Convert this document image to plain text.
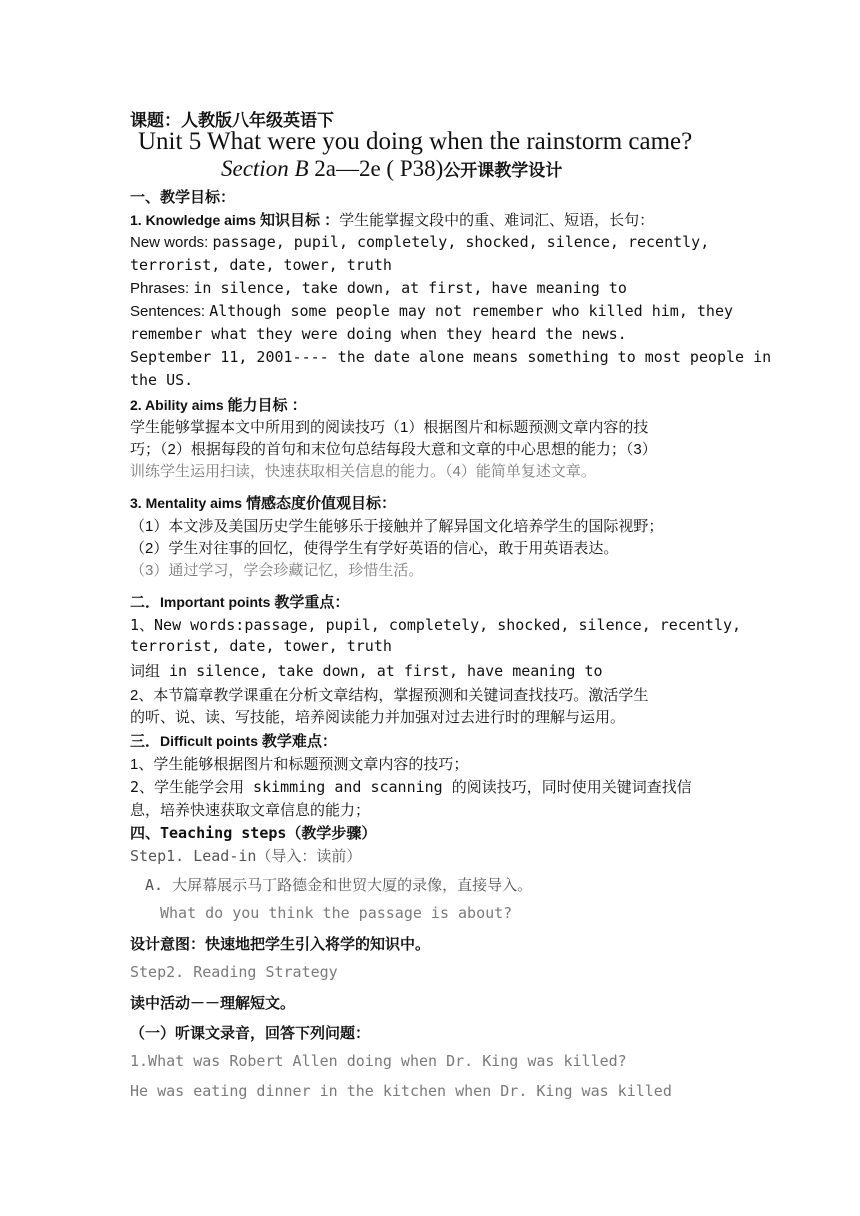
课题：人教版八年级英语下
Unit 5 What were you doing when the rainstorm came?
Section B 2a—2e ( P38)公开课教学设计
一、教学目标：
1. Knowledge aims 知识目标 ：学生能掌握文段中的重、难词汇、短语，长句：
New words: passage, pupil, completely, shocked, silence, recently,
terrorist, date, tower, truth
Phrases: in silence, take down, at first, have meaning to
Sentences: Although some people may not remember who killed him, they
remember what they were doing when they heard the news.
September 11, 2001---- the date alone means something to most people in
the US.
2. Ability aims 能力目标 ：
学生能够掌握本文中所用到的阅读技巧（1）根据图片和标题预测文章内容的技
巧；（2）根据每段的首句和末位句总结每段大意和文章的中心思想的能力；（3）
训练学生运用扫读，快速获取相关信息的能力。（4）能简单复述文章。
3. Mentality aims 情感态度价值观目标：
（1）本文涉及美国历史学生能够乐于接触并了解异国文化培养学生的国际视野；
（2）学生对往事的回忆，使得学生有学好英语的信心，敢于用英语表达。
（3）通过学习，学会珍藏记忆，珍惜生活。
二．Important points 教学重点：
1、New words:passage, pupil, completely, shocked, silence, recently,
terrorist, date, tower, truth
词组 in silence, take down, at first, have meaning to
2、本节篇章教学课重在分析文章结构，掌握预测和关键词查找技巧。激活学生
的听、说、读、写技能，培养阅读能力并加强对过去进行时的理解与运用。
三．Difficult points 教学难点：
1、学生能够根据图片和标题预测文章内容的技巧；
2、学生能学会用 skimming and scanning 的阅读技巧，同时使用关键词查找信
息，培养快速获取文章信息的能力；
四、Teaching steps（教学步骤）
Step1. Lead-in（导入：读前）
A. 大屏幕展示马丁路德金和世贸大厦的录像，直接导入。
What do you think the passage is about?
设计意图：快速地把学生引入将学的知识中。
Step2. Reading Strategy
读中活动－－理解短文。
（一）听课文录音，回答下列问题：
1.What was Robert Allen doing when Dr. King was killed?
He was eating dinner in the kitchen when Dr. King was killed
